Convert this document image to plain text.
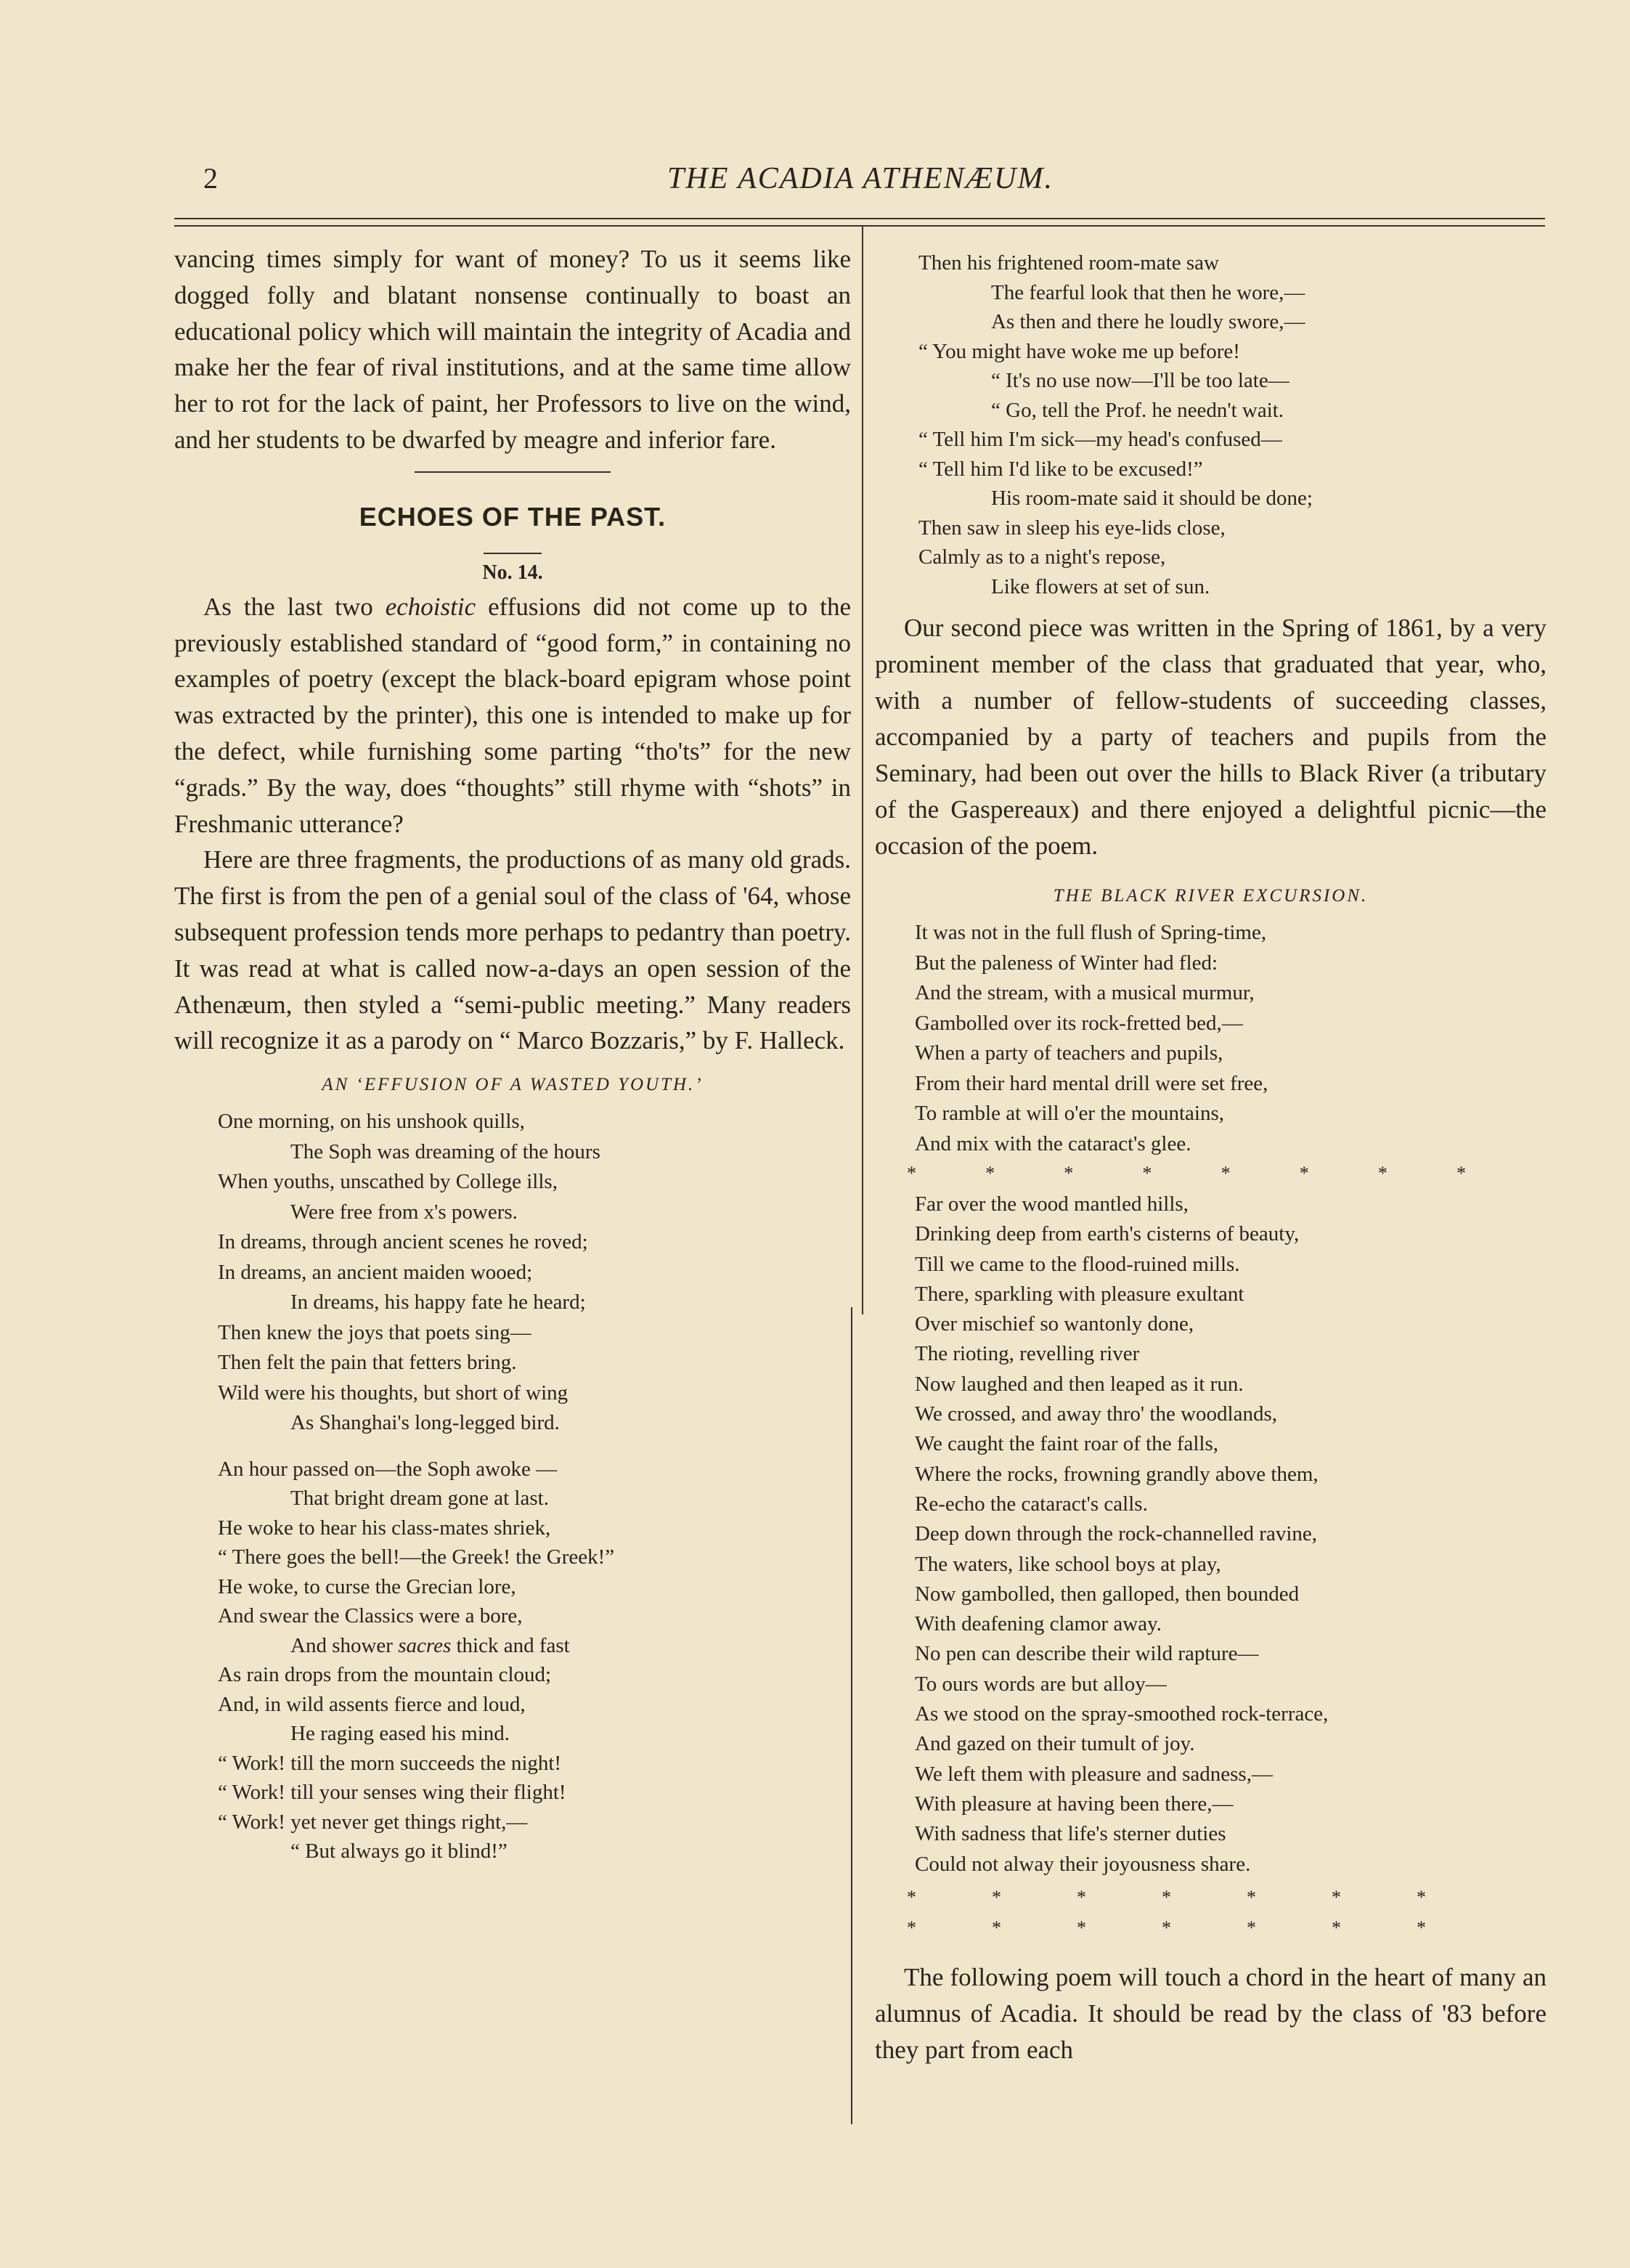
2	THE ACADIA ATHENÆUM.

vancing times simply for want of money? To us it seems like dogged folly and blatant nonsense continually to boast an educational policy which will maintain the integrity of Acadia and make her the fear of rival institutions, and at the same time allow her to rot for the lack of paint, her Professors to live on the wind, and her students to be dwarfed by meagre and inferior fare.

ECHOES OF THE PAST.
No. 14.

As the last two echoistic effusions did not come up to the previously established standard of “good form,” in containing no examples of poetry (except the black-board epigram whose point was extracted by the printer), this one is intended to make up for the defect, while furnishing some parting “tho'ts” for the new “grads.” By the way, does “thoughts” still rhyme with “shots” in Freshmanic utterance?

Here are three fragments, the productions of as many old grads. The first is from the pen of a genial soul of the class of '64, whose subsequent profession tends more perhaps to pedantry than poetry. It was read at what is called now-a-days an open session of the Athenæum, then styled a “semi-public meeting.” Many readers will recognize it as a parody on “ Marco Bozzaris,” by F. Halleck.

AN ‘EFFUSION OF A WASTED YOUTH.’
One morning, on his unshook quills,
The Soph was dreaming of the hours
When youths, unscathed by College ills,
Were free from x's powers.
In dreams, through ancient scenes he roved;
In dreams, an ancient maiden wooed;
In dreams, his happy fate he heard;
Then knew the joys that poets sing—
Then felt the pain that fetters bring.
Wild were his thoughts, but short of wing
As Shanghai's long-legged bird.
An hour passed on—the Soph awoke —
That bright dream gone at last.
He woke to hear his class-mates shriek,
“ There goes the bell!—the Greek! the Greek!”
He woke, to curse the Grecian lore,
And swear the Classics were a bore,
And shower sacres thick and fast
As rain drops from the mountain cloud;
And, in wild assents fierce and loud,
He raging eased his mind.
“ Work! till the morn succeeds the night!
“ Work! till your senses wing their flight!
“ Work! yet never get things right,—
“ But always go it blind!”
Then his frightened room-mate saw
The fearful look that then he wore,—
As then and there he loudly swore,—
“ You might have woke me up before!
“ It's no use now—I'll be too late—
“ Go, tell the Prof. he needn't wait.
“ Tell him I'm sick—my head's confused—
“ Tell him I'd like to be excused!”
His room-mate said it should be done;
Then saw in sleep his eye-lids close,
Calmly as to a night's repose,
Like flowers at set of sun.

Our second piece was written in the Spring of 1861, by a very prominent member of the class that graduated that year, who, with a number of fellow-students of succeeding classes, accompanied by a party of teachers and pupils from the Seminary, had been out over the hills to Black River (a tributary of the Gaspereaux) and there enjoyed a delightful picnic—the occasion of the poem.

THE BLACK RIVER EXCURSION.
It was not in the full flush of Spring-time,
But the paleness of Winter had fled:
And the stream, with a musical murmur,
Gambolled over its rock-fretted bed,—
When a party of teachers and pupils,
From their hard mental drill were set free,
To ramble at will o'er the mountains,
And mix with the cataract's glee.
*	*	*	*	*	*	*	*
Far over the wood mantled hills,
Drinking deep from earth's cisterns of beauty,
Till we came to the flood-ruined mills.
There, sparkling with pleasure exultant
Over mischief so wantonly done,
The rioting, revelling river
Now laughed and then leaped as it run.
We crossed, and away thro' the woodlands,
We caught the faint roar of the falls,
Where the rocks, frowning grandly above them,
Re-echo the cataract's calls.
Deep down through the rock-channelled ravine,
The waters, like school boys at play,
Now gambolled, then galloped, then bounded
With deafening clamor away.
No pen can describe their wild rapture—
To ours words are but alloy—
As we stood on the spray-smoothed rock-terrace,
And gazed on their tumult of joy.
We left them with pleasure and sadness,—
With pleasure at having been there,—
With sadness that life's sterner duties
Could not alway their joyousness share.
*	*	*	*	*	*	*
*	*	*	*	*	*	*

The following poem will touch a chord in the heart of many an alumnus of Acadia. It should be read by the class of '83 before they part from each
